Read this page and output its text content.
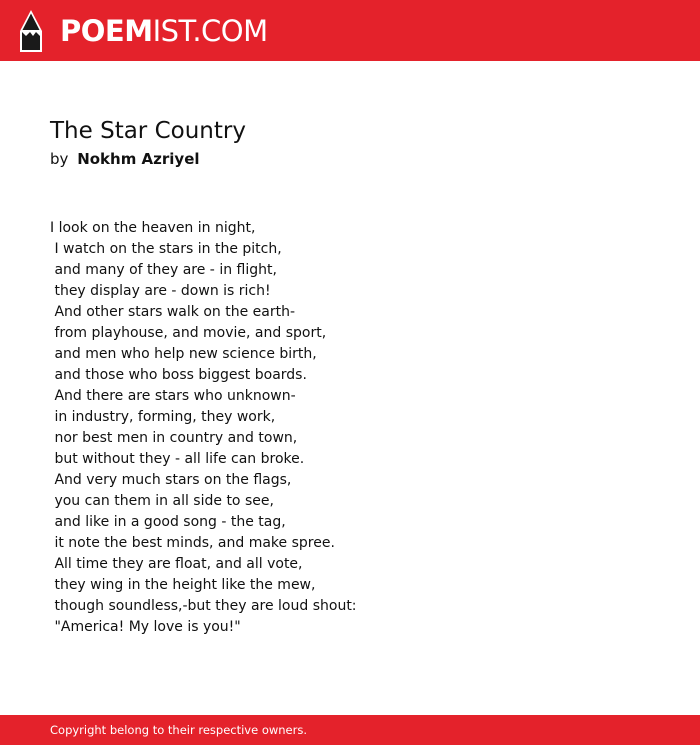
POEMIST.COM
The Star Country
by Nokhm Azriyel
I look on the heaven in night,
I watch on the stars in the pitch,
and many of they are - in flight,
they display are - down is rich!
And other stars walk on the earth-
from playhouse, and movie, and sport,
and men who help new science birth,
and those who boss biggest boards.
And there are stars who unknown-
in industry, forming, they work,
nor best men in country and town,
but without they - all life can broke.
And very much stars on the flags,
you can them in all side to see,
and like in a good song - the tag,
it note the best minds, and make spree.
All time they are float, and all vote,
they wing in the height like the mew,
though soundless,-but they are loud shout:
"America! My love is you!"
Copyright belong to their respective owners.
